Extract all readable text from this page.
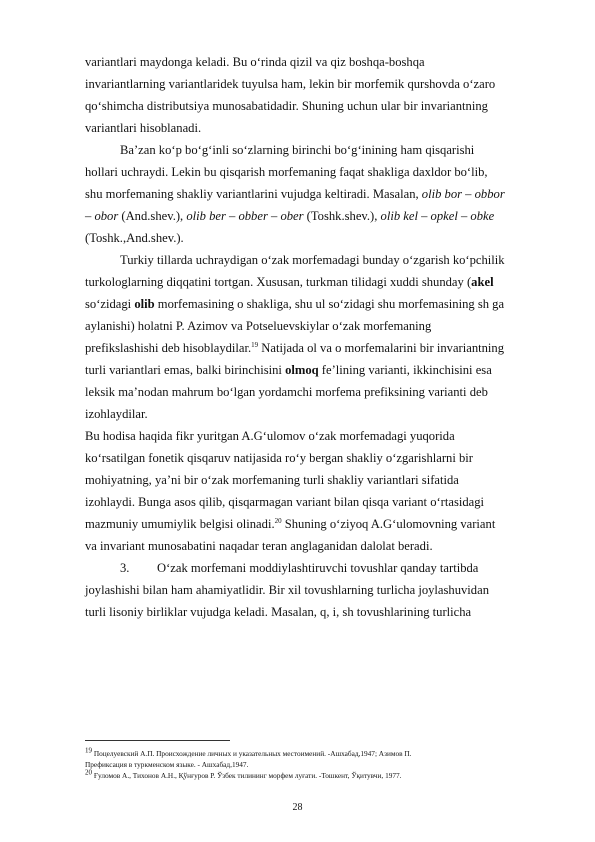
variantlari maydonga keladi. Bu o‘rinda qizil va qiz boshqa-boshqa

invariantlarning variantlaridek tuyulsa ham, lekin bir morfemik qurshovda o‘zaro

qo‘shimcha distributsiya munosabatidadir. Shuning uchun ular bir invariantning

variantlari hisoblanadi.

Ba’zan ko‘p bo‘g‘inli so‘zlarning birinchi bo‘g‘inining ham qisqarishi

hollari uchraydi. Lekin bu qisqarish morfemaning faqat shakliga daxldor bo‘lib,

shu morfemaning shakliy variantlarini vujudga keltiradi. Masalan, olib bor – obbor

– obor (And.shev.), olib ber – obber – ober (Toshk.shev.), olib kel – opkel – obke

(Toshk.,And.shev.).

Turkiy tillarda uchraydigan o‘zak morfemadagi bunday o‘zgarish ko‘pchilik

turkologlarning diqqatini tortgan. Xususan, turkman tilidagi xuddi shunday (akel

so‘zidagi olib morfemasining o shakliga, shu ul so‘zidagi shu morfemasining sh ga

aylanishi) holatni P. Azimov va Potseluevskiylar o‘zak morfemaning

prefikslashishi deb hisoblaydilar.$^{19}$ Natijada ol va o morfemalarini bir invariantning

turli variantlari emas, balki birinchisini olmoq fe’lining varianti, ikkinchisini esa

leksik ma’nodan mahrum bo‘lgan yordamchi morfema prefiksining varianti deb

izohlaydilar.

Bu hodisa haqida fikr yuritgan A.G‘ulomov o‘zak morfemadagi yuqorida

ko‘rsatilgan fonetik qisqaruv natijasida ro‘y bergan shakliy o‘zgarishlarni bir

mohiyatning, ya’ni bir o‘zak morfemaning turli shakliy variantlari sifatida

izohlaydi. Bunga asos qilib, qisqarmagan variant bilan qisqa variant o‘rtasidagi

mazmuniy umumiylik belgisi olinadi.$^{20}$ Shuning o‘ziyoq A.G‘ulomovning variant

va invariant munosabatini naqadar teran anglaganidan dalolat beradi.

3. O‘zak morfemani moddiylashtiruvchi tovushlar qanday tartibda

joylashishi bilan ham ahamiyatlidir. Bir xil tovushlarning turlicha joylashuvidan

turli lisoniy birliklar vujudga keladi. Masalan, q, i, sh tovushlarining turlicha

$^{19}$ Поцелуевский А.П. Происхождение личных и указательных местоимений. -Ашхабад,1947; Азимов П.

Префиксация в туркменском языке. - Ашхабад,1947.

$^{20}$ Ғуломов А., Тихонов А.Н., Қўнғуров Р. Ўзбек тилининг морфем луғати. -Тошкент, Ўқитувчи, 1977.

28
